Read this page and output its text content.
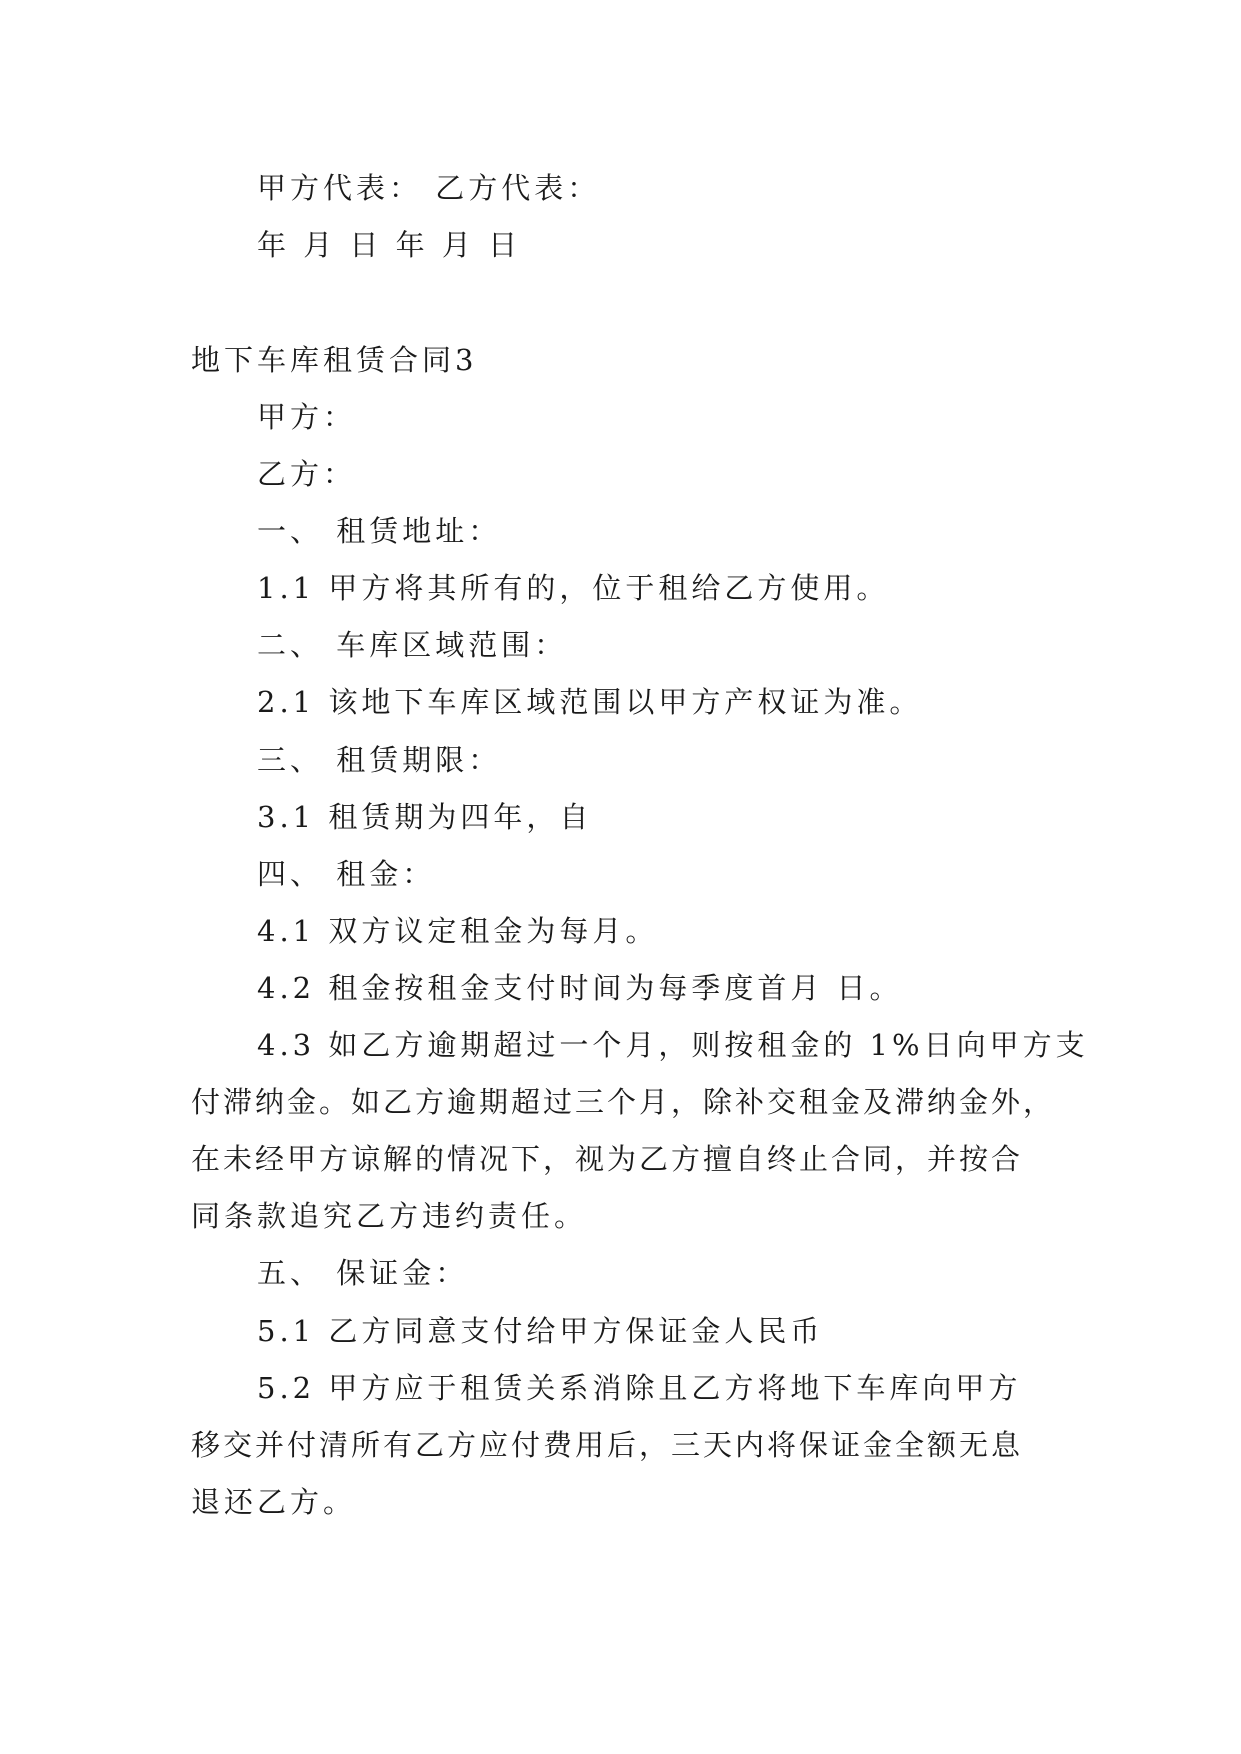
甲方代表： 乙方代表：
年 月 日 年 月 日
地下车库租赁合同3
甲方：
乙方：
一、 租赁地址：
1.1 甲方将其所有的，位于租给乙方使用。
二、 车库区域范围：
2.1 该地下车库区域范围以甲方产权证为准。
三、 租赁期限：
3.1 租赁期为四年，自
四、 租金：
4.1 双方议定租金为每月。
4.2 租金按租金支付时间为每季度首月 日。
4.3 如乙方逾期超过一个月，则按租金的 1%日向甲方支
付滞纳金。如乙方逾期超过三个月，除补交租金及滞纳金外，
在未经甲方谅解的情况下，视为乙方擅自终止合同，并按合
同条款追究乙方违约责任。
五、 保证金：
5.1 乙方同意支付给甲方保证金人民币
5.2 甲方应于租赁关系消除且乙方将地下车库向甲方
移交并付清所有乙方应付费用后，三天内将保证金全额无息
退还乙方。
